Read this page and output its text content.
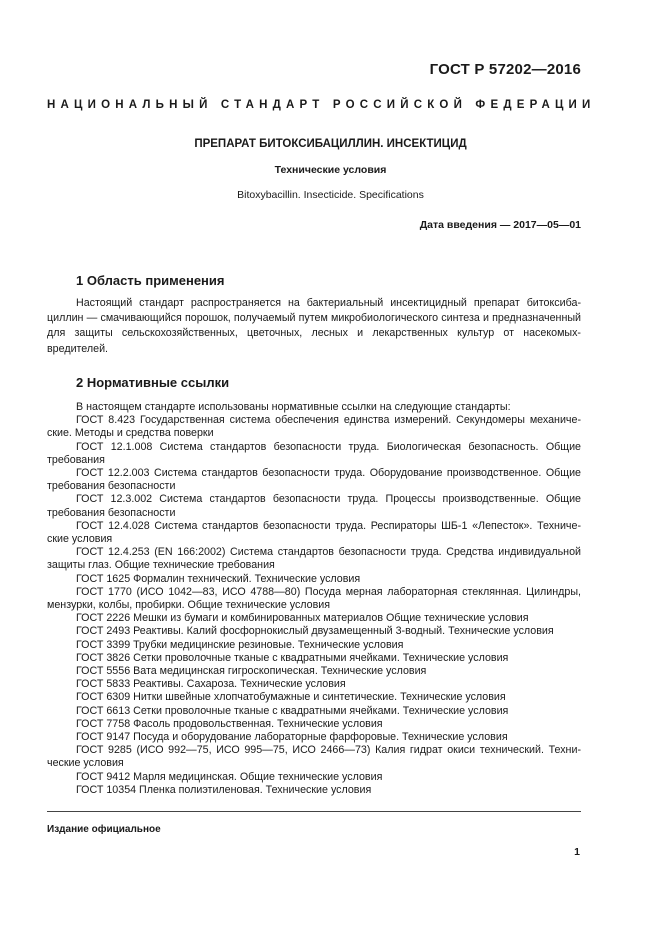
ГОСТ Р 57202—2016
НАЦИОНАЛЬНЫЙ СТАНДАРТ РОССИЙСКОЙ ФЕДЕРАЦИИ
ПРЕПАРАТ БИТОКСИБАЦИЛЛИН. ИНСЕКТИЦИД
Технические условия
Bitoxybacillin. Insecticide. Specifications
Дата введения — 2017—05—01
1 Область применения

Настоящий стандарт распространяется на бактериальный инсектицидный препарат битоксибациллин — смачивающийся порошок, получаемый путем микробиологического синтеза и предназначенный для защиты сельскохозяйственных, цветочных, лесных и лекарственных культур от насекомых-вредителей.

2 Нормативные ссылки

В настоящем стандарте использованы нормативные ссылки на следующие стандарты:

ГОСТ 8.423 Государственная система обеспечения единства измерений. Секундомеры механические. Методы и средства поверки

ГОСТ 12.1.008 Система стандартов безопасности труда. Биологическая безопасность. Общие требования

ГОСТ 12.2.003 Система стандартов безопасности труда. Оборудование производственное. Общие требования безопасности

ГОСТ 12.3.002 Система стандартов безопасности труда. Процессы производственные. Общие требования безопасности

ГОСТ 12.4.028 Система стандартов безопасности труда. Респираторы ШБ-1 «Лепесток». Технические условия

ГОСТ 12.4.253 (EN 166:2002) Система стандартов безопасности труда. Средства индивидуальной защиты глаз. Общие технические требования

ГОСТ 1625 Формалин технический. Технические условия

ГОСТ 1770 (ИСО 1042—83, ИСО 4788—80) Посуда мерная лабораторная стеклянная. Цилиндры, мензурки, колбы, пробирки. Общие технические условия

ГОСТ 2226 Мешки из бумаги и комбинированных материалов Общие технические условия

ГОСТ 2493 Реактивы. Калий фосфорнокислый двузамещенный 3-водный. Технические условия

ГОСТ 3399 Трубки медицинские резиновые. Технические условия

ГОСТ 3826 Сетки проволочные тканые с квадратными ячейками. Технические условия

ГОСТ 5556 Вата медицинская гигроскопическая. Технические условия

ГОСТ 5833 Реактивы. Сахароза. Технические условия

ГОСТ 6309 Нитки швейные хлопчатобумажные и синтетические. Технические условия

ГОСТ 6613 Сетки проволочные тканые с квадратными ячейками. Технические условия

ГОСТ 7758 Фасоль продовольственная. Технические условия

ГОСТ 9147 Посуда и оборудование лабораторные фарфоровые. Технические условия

ГОСТ 9285 (ИСО 992—75, ИСО 995—75, ИСО 2466—73) Калия гидрат окиси технический. Технические условия

ГОСТ 9412 Марля медицинская. Общие технические условия

ГОСТ 10354 Пленка полиэтиленовая. Технические условия

Издание официальное
1
